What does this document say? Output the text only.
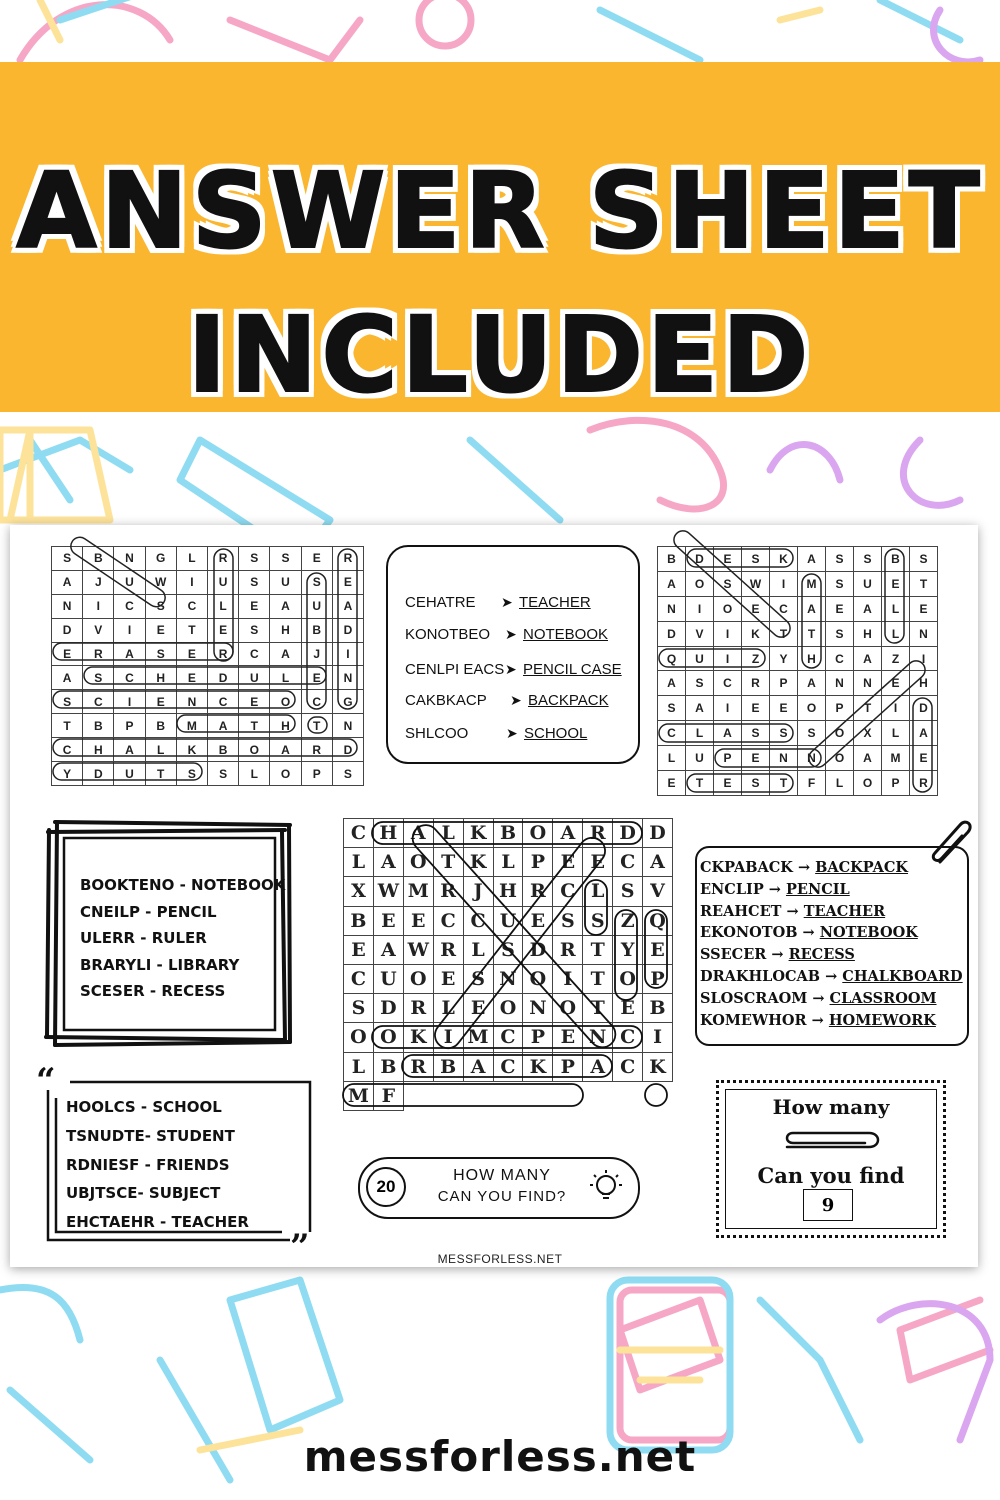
ANSWER SHEET
INCLUDED
S	B	N	G	L	R	S	S	E	R
A	J	U	W	I	U	S	U	S	E
N	I	C	S	C	L	E	A	U	A
D	V	I	E	T	E	S	H	B	D
E	R	A	S	E	R	C	A	J	I
A	S	C	H	E	D	U	L	E	N
S	C	I	E	N	C	E	O	C	G
T	B	P	B	M	A	T	H	T	N
C	H	A	L	K	B	O	A	R	D
Y	D	U	T	S	S	L	O	P	S
CEHATRE ➤ TEACHER
KONOTBEO ➤ NOTEBOOK
CENLPI EACS ➤ PENCIL CASE
CAKBKACP ➤ BACKPACK
SHLCOO	➤ SCHOOL
B	D	E	S	K	A	S	S	B	S
A	O	S	W	I	M	S	U	E	T
N	I	O	E	C	A	E	A	L	E
D	V	I	K	T	T	S	H	L	N
Q	U	I	Z	Y	H	C	A	Z	I
A	S	C	R	P	A	N	N	E	H
S	A	I	E	E	O	P	T	I	D
C	L	A	S	S	S	O	X	L	A
L	U	P	E	N	N	O	A	M	E
E	T	E	S	T	F	L	O	P	R
BOOKTENO - NOTEBOOK
CNEILP - PENCIL
ULERR - RULER
BRARYLI - LIBRARY
SCESER - RECESS
“
”
HOOLCS - SCHOOL
TSNUDTE- STUDENT
RDNIESF - FRIENDS
UBJTSCE- SUBJECT
EHCTAEHR - TEACHER
C H A L K B O A R D D
L A O T K L P E E C A
X W M R J H R C L S V
B E E C C U E S S Z Q
E A W R L S D R T Y E
C U O E S N O I T O P
S D R L E O N O T E B
O O K I M C P E N C I
L B R B A C K P A C K
M F
CKPABACK → BACKPACK
ENCLIP → PENCIL
REAHCET → TEACHER
EKONOTOB → NOTEBOOK
SSECER → RECESS
DRAKHLOCAB → CHALKBOARD
SLOSCRAOM → CLASSROOM
KOMEWHOR → HOMEWORK
20
HOW MANY
CAN YOU FIND?
How many
Can you find
9
MESSFORLESS.NET
messforless.net
